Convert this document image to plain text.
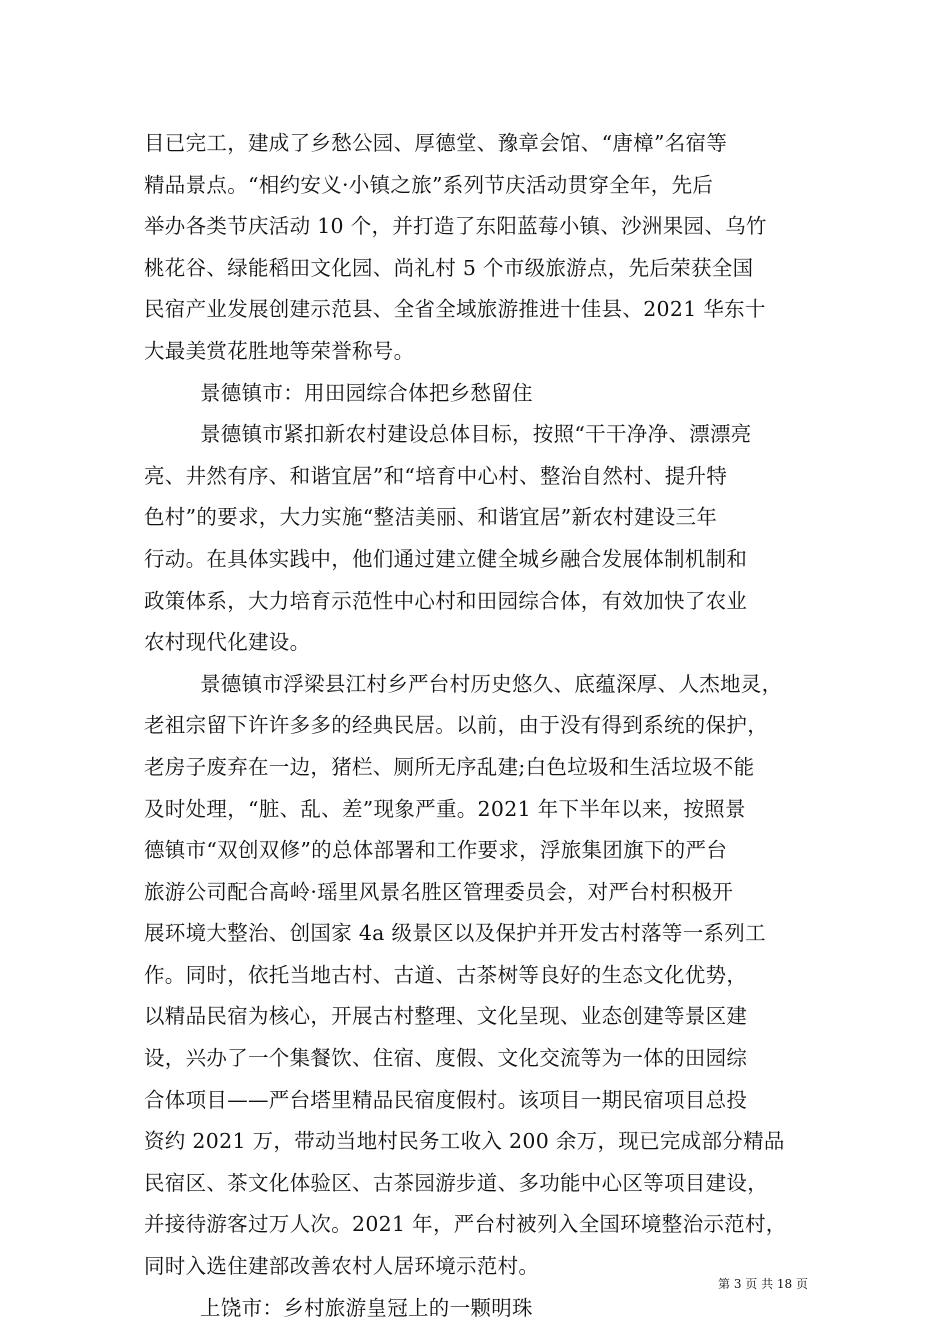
目已完工，建成了乡愁公园、厚德堂、豫章会馆、“唐樟”名宿等
精品景点。“相约安义·小镇之旅”系列节庆活动贯穿全年，先后
举办各类节庆活动 10 个，并打造了东阳蓝莓小镇、沙洲果园、乌竹
桃花谷、绿能稻田文化园、尚礼村 5 个市级旅游点，先后荣获全国
民宿产业发展创建示范县、全省全域旅游推进十佳县、2021 华东十
大最美赏花胜地等荣誉称号。
景德镇市：用田园综合体把乡愁留住
景德镇市紧扣新农村建设总体目标，按照“干干净净、漂漂亮
亮、井然有序、和谐宜居”和“培育中心村、整治自然村、提升特
色村”的要求，大力实施“整洁美丽、和谐宜居”新农村建设三年
行动。在具体实践中，他们通过建立健全城乡融合发展体制机制和
政策体系，大力培育示范性中心村和田园综合体，有效加快了农业
农村现代化建设。
景德镇市浮梁县江村乡严台村历史悠久、底蕴深厚、人杰地灵，
老祖宗留下许许多多的经典民居。以前，由于没有得到系统的保护，
老房子废弃在一边，猪栏、厕所无序乱建;白色垃圾和生活垃圾不能
及时处理，“脏、乱、差”现象严重。2021 年下半年以来，按照景
德镇市“双创双修”的总体部署和工作要求，浮旅集团旗下的严台
旅游公司配合高岭·瑶里风景名胜区管理委员会，对严台村积极开
展环境大整治、创国家 4a 级景区以及保护并开发古村落等一系列工
作。同时，依托当地古村、古道、古茶树等良好的生态文化优势，
以精品民宿为核心，开展古村整理、文化呈现、业态创建等景区建
设，兴办了一个集餐饮、住宿、度假、文化交流等为一体的田园综
合体项目——严台塔里精品民宿度假村。该项目一期民宿项目总投
资约 2021 万，带动当地村民务工收入 200 余万，现已完成部分精品
民宿区、茶文化体验区、古茶园游步道、多功能中心区等项目建设，
并接待游客过万人次。2021 年，严台村被列入全国环境整治示范村，
同时入选住建部改善农村人居环境示范村。
上饶市：乡村旅游皇冠上的一颗明珠
第 3 页 共 18 页
